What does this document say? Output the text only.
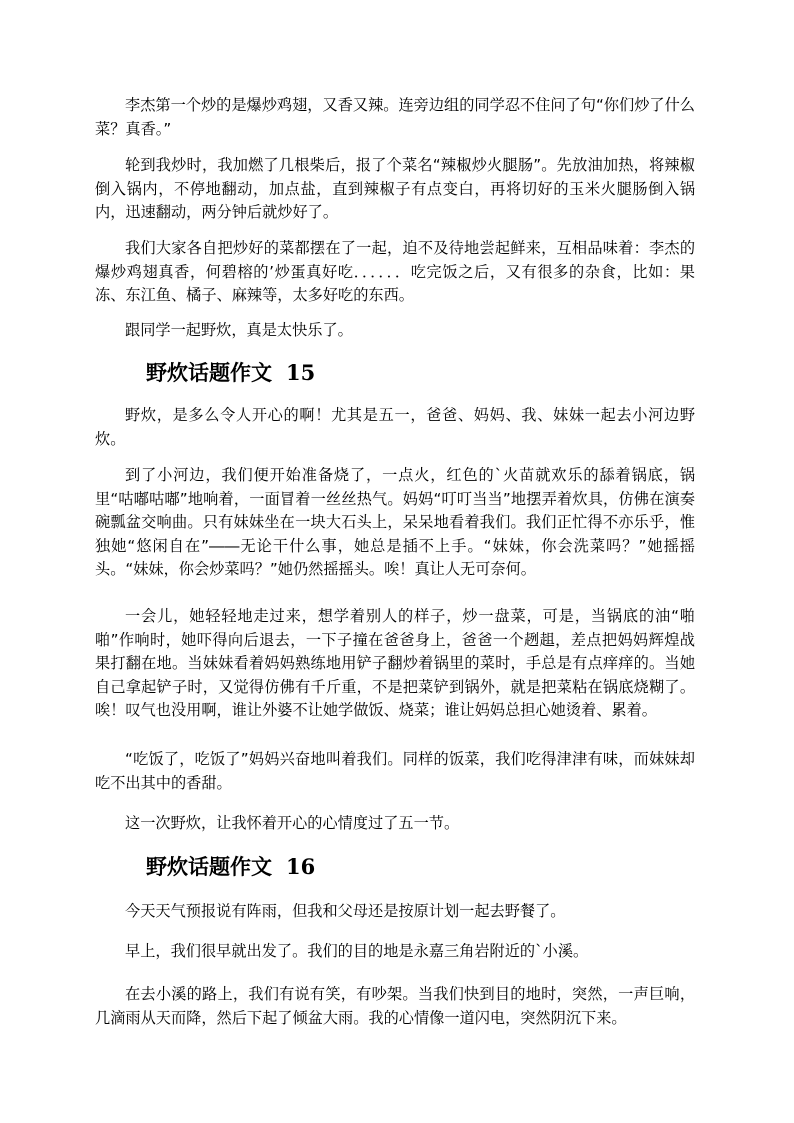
李杰第一个炒的是爆炒鸡翅，又香又辣。连旁边组的同学忍不住问了句“你们炒了什么菜？真香。”

轮到我炒时，我加燃了几根柴后，报了个菜名“辣椒炒火腿肠”。先放油加热，将辣椒倒入锅内，不停地翻动，加点盐，直到辣椒子有点变白，再将切好的玉米火腿肠倒入锅内，迅速翻动，两分钟后就炒好了。

我们大家各自把炒好的菜都摆在了一起，迫不及待地尝起鲜来，互相品味着：李杰的爆炒鸡翅真香，何碧榕的’炒蛋真好吃．．．．．．吃完饭之后，又有很多的杂食，比如：果冻、东江鱼、橘子、麻辣等，太多好吃的东西。

跟同学一起野炊，真是太快乐了。

野炊话题作文 15

野炊，是多么令人开心的啊！尤其是五一，爸爸、妈妈、我、妹妹一起去小河边野炊。

到了小河边，我们便开始准备烧了，一点火，红色的`火苗就欢乐的舔着锅底，锅里“咕嘟咕嘟”地响着，一面冒着一丝丝热气。妈妈“叮叮当当”地摆弄着炊具，仿佛在演奏碗瓢盆交响曲。只有妹妹坐在一块大石头上，呆呆地看着我们。我们正忙得不亦乐乎，惟独她“悠闲自在”――无论干什么事，她总是插不上手。“妹妹，你会洗菜吗？”她摇摇头。“妹妹，你会炒菜吗？”她仍然摇摇头。唉！真让人无可奈何。

一会儿，她轻轻地走过来，想学着别人的样子，炒一盘菜，可是，当锅底的油“啪啪”作响时，她吓得向后退去，一下子撞在爸爸身上，爸爸一个趔趄，差点把妈妈辉煌战果打翻在地。当妹妹看着妈妈熟练地用铲子翻炒着锅里的菜时，手总是有点痒痒的。当她自己拿起铲子时，又觉得仿佛有千斤重，不是把菜铲到锅外，就是把菜粘在锅底烧糊了。唉！叹气也没用啊，谁让外婆不让她学做饭、烧菜；谁让妈妈总担心她烫着、累着。

“吃饭了，吃饭了”妈妈兴奋地叫着我们。同样的饭菜，我们吃得津津有味，而妹妹却吃不出其中的香甜。

这一次野炊，让我怀着开心的心情度过了五一节。

野炊话题作文 16

今天天气预报说有阵雨，但我和父母还是按原计划一起去野餐了。

早上，我们很早就出发了。我们的目的地是永嘉三角岩附近的`小溪。

在去小溪的路上，我们有说有笑，有吵架。当我们快到目的地时，突然，一声巨响，几滴雨从天而降，然后下起了倾盆大雨。我的心情像一道闪电，突然阴沉下来。
